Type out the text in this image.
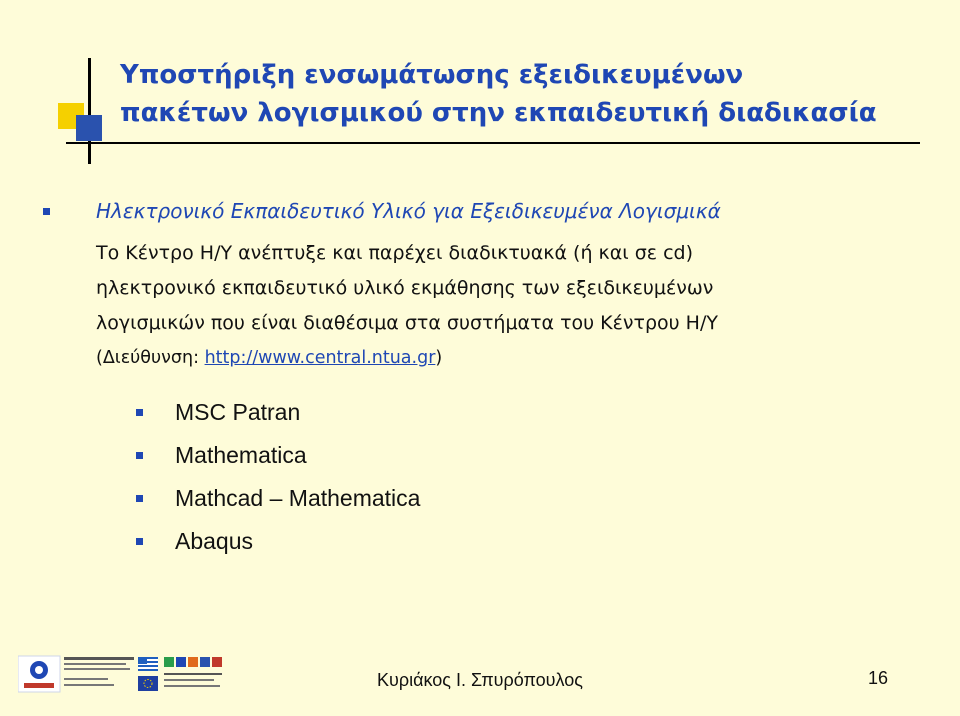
Υποστήριξη ενσωμάτωσης εξειδικευμένων
πακέτων λογισμικού στην εκπαιδευτική διαδικασία
Ηλεκτρονικό Εκπαιδευτικό Υλικό για Εξειδικευμένα Λογισμικά
Το Κέντρο Η/Υ ανέπτυξε και παρέχει διαδικτυακά (ή και σε cd)
ηλεκτρονικό εκπαιδευτικό υλικό εκμάθησης των εξειδικευμένων
λογισμικών που είναι διαθέσιμα στα συστήματα του Κέντρου Η/Υ
(Διεύθυνση: http://www.central.ntua.gr)
MSC Patran
Mathematica
Mathcad – Mathematica
Abaqus
Κυριάκος Ι. Σπυρόπουλος	16
